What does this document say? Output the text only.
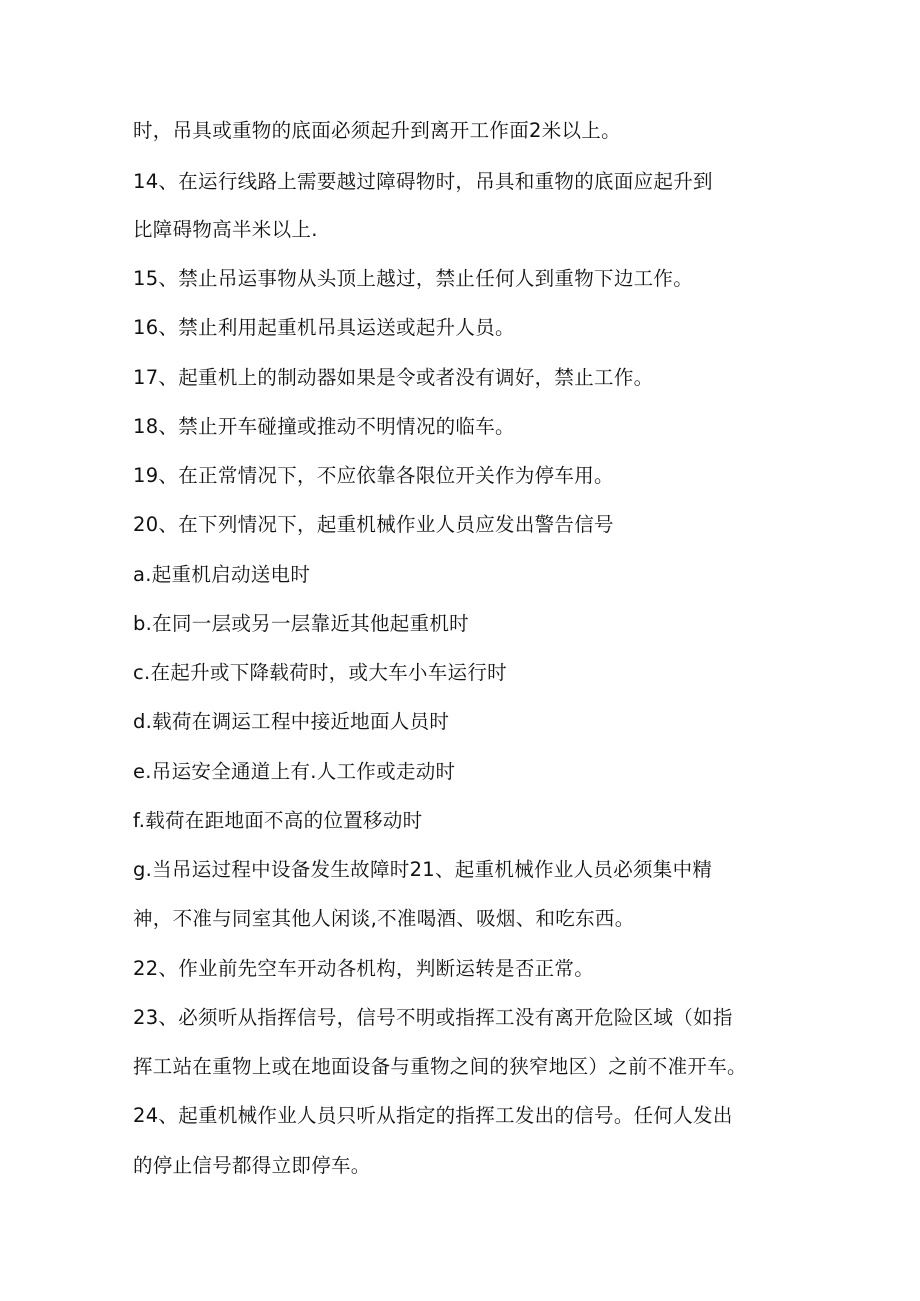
时，吊具或重物的底面必须起升到离开工作面2米以上。
14、在运行线路上需要越过障碍物时，吊具和重物的底面应起升到
比障碍物高半米以上.
15、禁止吊运事物从头顶上越过，禁止任何人到重物下边工作。
16、禁止利用起重机吊具运送或起升人员。
17、起重机上的制动器如果是令或者没有调好，禁止工作。
18、禁止开车碰撞或推动不明情况的临车。
19、在正常情况下，不应依靠各限位开关作为停车用。
20、在下列情况下，起重机械作业人员应发出警告信号
a.起重机启动送电时
b.在同一层或另一层靠近其他起重机时
c.在起升或下降载荷时，或大车小车运行时
d.载荷在调运工程中接近地面人员时
e.吊运安全通道上有.人工作或走动时
f.载荷在距地面不高的位置移动时
g.当吊运过程中设备发生故障时21、起重机械作业人员必须集中精
神，不准与同室其他人闲谈,不准喝酒、吸烟、和吃东西。
22、作业前先空车开动各机构，判断运转是否正常。
23、必须听从指挥信号，信号不明或指挥工没有离开危险区域（如指
挥工站在重物上或在地面设备与重物之间的狭窄地区）之前不准开车。
24、起重机械作业人员只听从指定的指挥工发出的信号。任何人发出
的停止信号都得立即停车。
